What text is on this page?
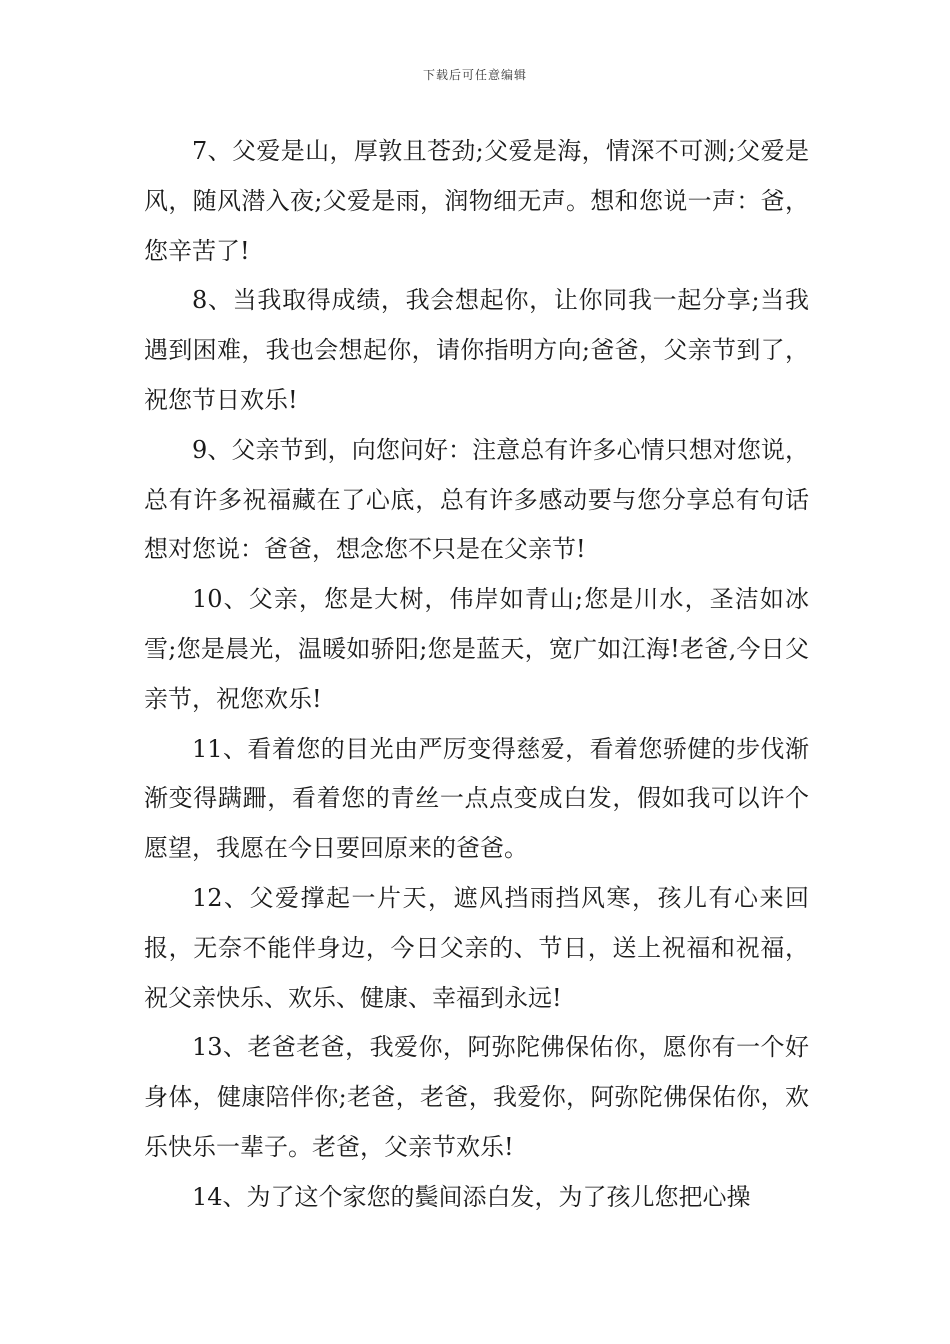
下载后可任意编辑

7、父爱是山，厚敦且苍劲;父爱是海，情深不可测;父爱是风，随风潜入夜;父爱是雨，润物细无声。想和您说一声：爸，您辛苦了!

8、当我取得成绩，我会想起你，让你同我一起分享;当我遇到困难，我也会想起你，请你指明方向;爸爸，父亲节到了，祝您节日欢乐!

9、父亲节到，向您问好：注意总有许多心情只想对您说，总有许多祝福藏在了心底，总有许多感动要与您分享总有句话想对您说：爸爸，想念您不只是在父亲节!

10、父亲，您是大树，伟岸如青山;您是川水，圣洁如冰雪;您是晨光，温暖如骄阳;您是蓝天，宽广如江海!老爸,今日父亲节，祝您欢乐!

11、看着您的目光由严厉变得慈爱，看着您骄健的步伐渐渐变得蹒跚，看着您的青丝一点点变成白发，假如我可以许个愿望，我愿在今日要回原来的爸爸。

12、父爱撑起一片天，遮风挡雨挡风寒，孩儿有心来回报，无奈不能伴身边，今日父亲的、节日，送上祝福和祝福，祝父亲快乐、欢乐、健康、幸福到永远!

13、老爸老爸，我爱你，阿弥陀佛保佑你，愿你有一个好身体，健康陪伴你;老爸，老爸，我爱你，阿弥陀佛保佑你，欢乐快乐一辈子。老爸，父亲节欢乐!

14、为了这个家您的鬓间添白发，为了孩儿您把心操
